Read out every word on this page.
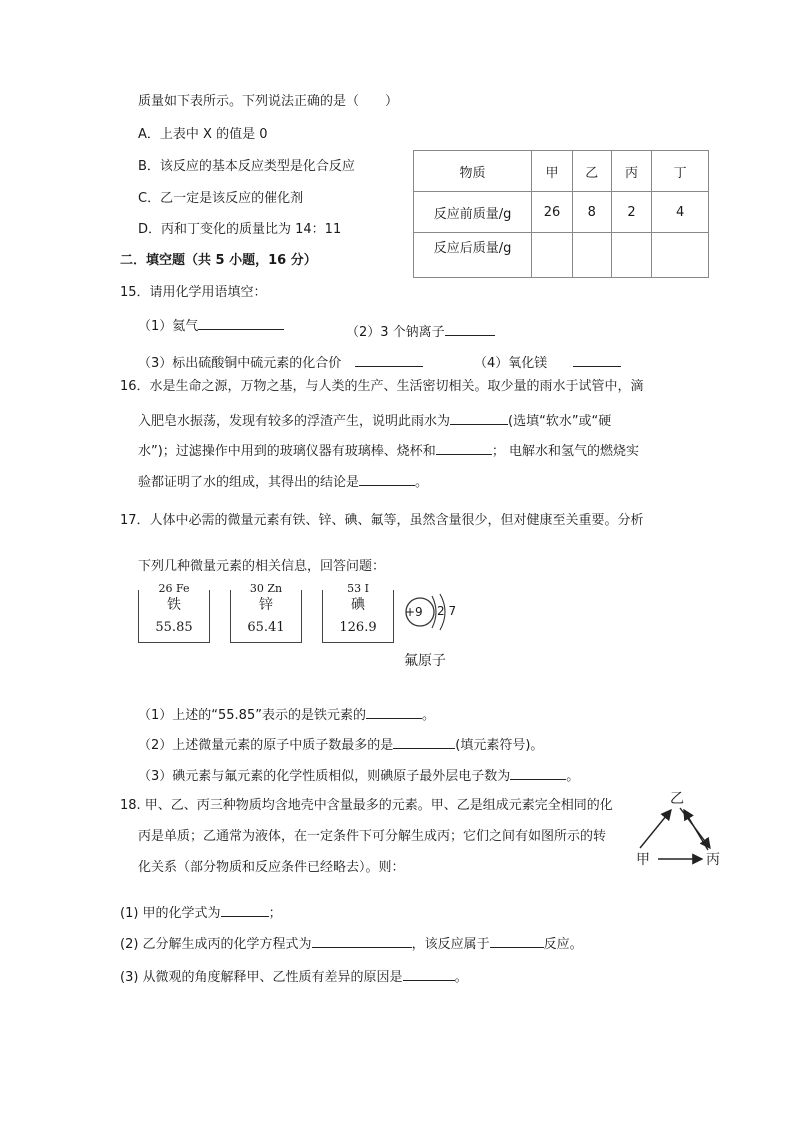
质量如下表所示。下列说法正确的是（　　）
A．上表中 X 的值是 0
B．该反应的基本反应类型是化合反应
C．乙一定是该反应的催化剂
D．丙和丁变化的质量比为 14：11
物质	甲	乙	丙	丁
反应前质量/g	26	8	2	4
反应后质量/g				
二．填空题（共 5 小题，16 分）
15．请用化学用语填空：
（1）氦气	（2）3 个钠离子
（3）标出硫酸铜中硫元素的化合价	（4）氧化镁
16．水是生命之源，万物之基，与人类的生产、生活密切相关。取少量的雨水于试管中，滴
入肥皂水振荡，发现有较多的浮渣产生，说明此雨水为	(选填“软水”或“硬
水”)；过滤操作中用到的玻璃仪器有玻璃棒、烧杯和	； 电解水和氢气的燃烧实
验都证明了水的组成，其得出的结论是	。
17．人体中必需的微量元素有铁、锌、碘、氟等，虽然含量很少，但对健康至关重要。分析
下列几种微量元素的相关信息，回答问题：
26 Fe
铁
55.85
30 Zn
锌
65.41
53 I
碘
126.9
+9 2 7
氟原子
（1）上述的“55.85”表示的是铁元素的	。
（2）上述微量元素的原子中质子数最多的是	(填元素符号)。
（3）碘元素与氟元素的化学性质相似，则碘原子最外层电子数为	。
18. 甲、乙、丙三种物质均含地壳中含量最多的元素。甲、乙是组成元素完全相同的化
丙是单质；乙通常为液体，在一定条件下可分解生成丙；它们之间有如图所示的转
化关系（部分物质和反应条件已经略去）。则：
乙
甲	丙
(1) 甲的化学式为	；
(2) 乙分解生成丙的化学方程式为	，该反应属于	反应。
(3) 从微观的角度解释甲、乙性质有差异的原因是	。
